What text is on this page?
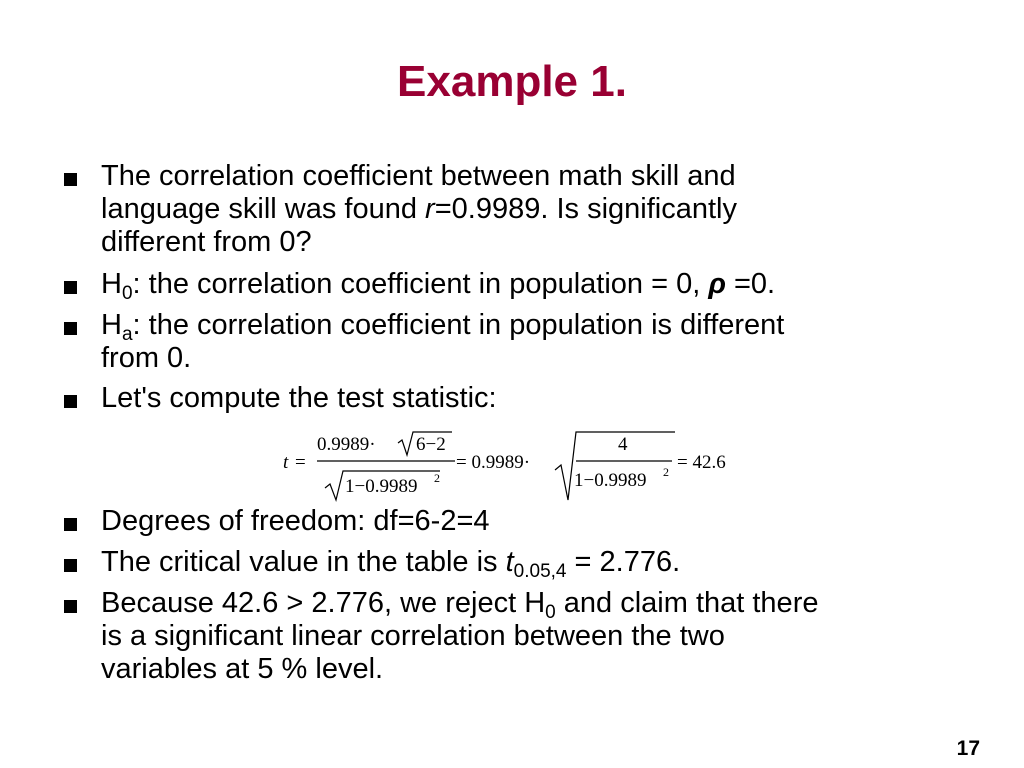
Example 1.
The correlation coefficient between math skill and
language skill was found r=0.9989. Is significantly
different from 0?
$H_0$: the correlation coefficient in population = 0, ρ =0.
$H_a$: the correlation coefficient in population is different
from 0.
Let's compute the test statistic:
Degrees of freedom: df=6-2=4
The critical value in the table is $t_{0.05,4} = 2.776$.
Because 42.6 > 2.776, we reject $H_0$ and claim that there
is a significant linear correlation between the two
variables at 5 % level.
t =
0.9989· 6−2
1−0.9989 2
= 0.9989·
4
1−0.9989 2 = 42.6
17
